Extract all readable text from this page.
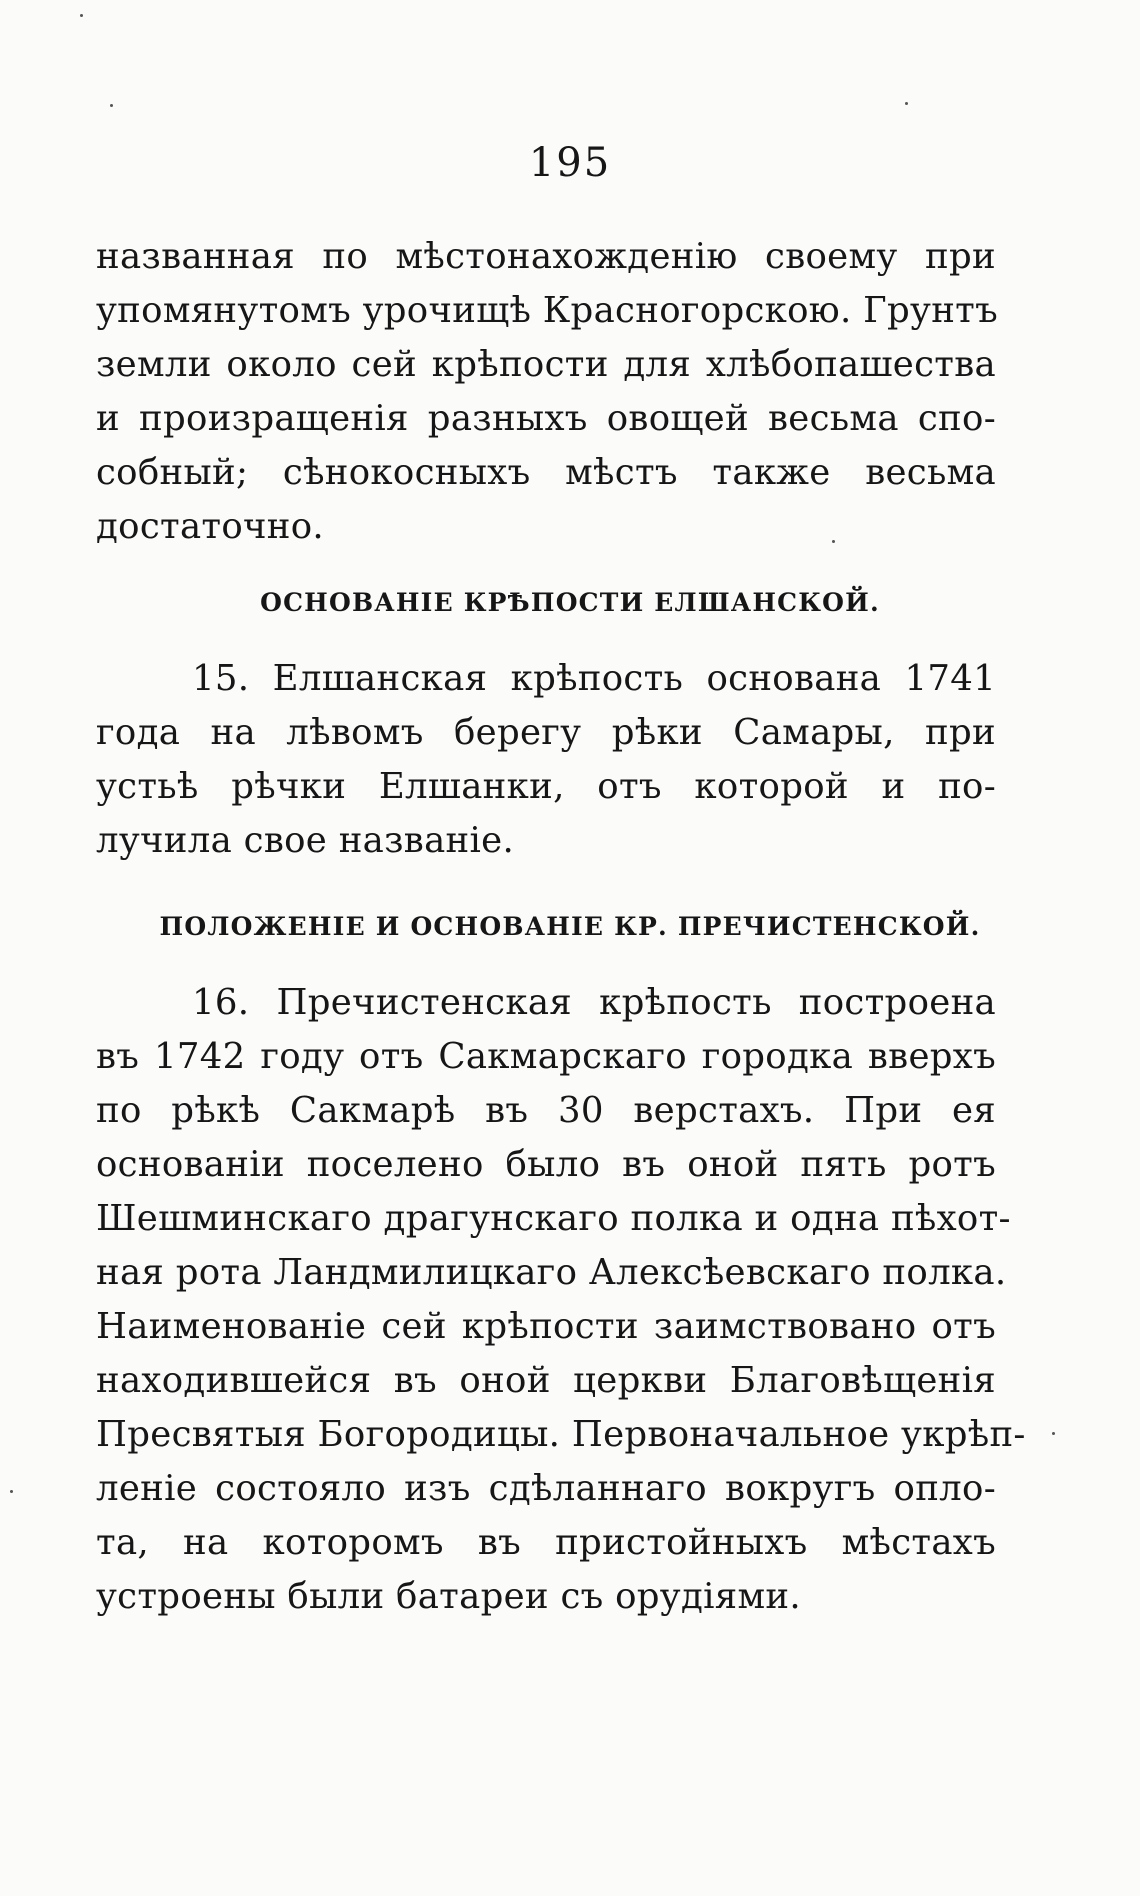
195
названная по мѣстонахожденію своему при
упомянутомъ урочищѣ Красногорскою. Грунтъ
земли около сей крѣпости для хлѣбопашества
и произращенія разныхъ овощей весьма спо-
собный; сѣнокосныхъ мѣстъ также весьма
достаточно.
ОСНОВАНІЕ КРѢПОСТИ ЕЛШАНСКОЙ.
15. Елшанская крѣпость основана 1741
года на лѣвомъ берегу рѣки Самары, при
устьѣ рѣчки Елшанки, отъ которой и по-
лучила свое названіе.
ПОЛОЖЕНІЕ И ОСНОВАНІЕ КР. ПРЕЧИСТЕНСКОЙ.
16. Пречистенская крѣпость построена
въ 1742 году отъ Сакмарскаго городка вверхъ
по рѣкѣ Сакмарѣ въ 30 верстахъ. При ея
основаніи поселено было въ оной пять ротъ
Шешминскаго драгунскаго полка и одна пѣхот-
ная рота Ландмилицкаго Алексѣевскаго полка.
Наименованіе сей крѣпости заимствовано отъ
находившейся въ оной церкви Благовѣщенія
Пресвятыя Богородицы. Первоначальное укрѣп-
леніе состояло изъ сдѣланнаго вокругъ оплo-
та, на которомъ въ пристойныхъ мѣстахъ
устроены были батареи съ орудіями.
